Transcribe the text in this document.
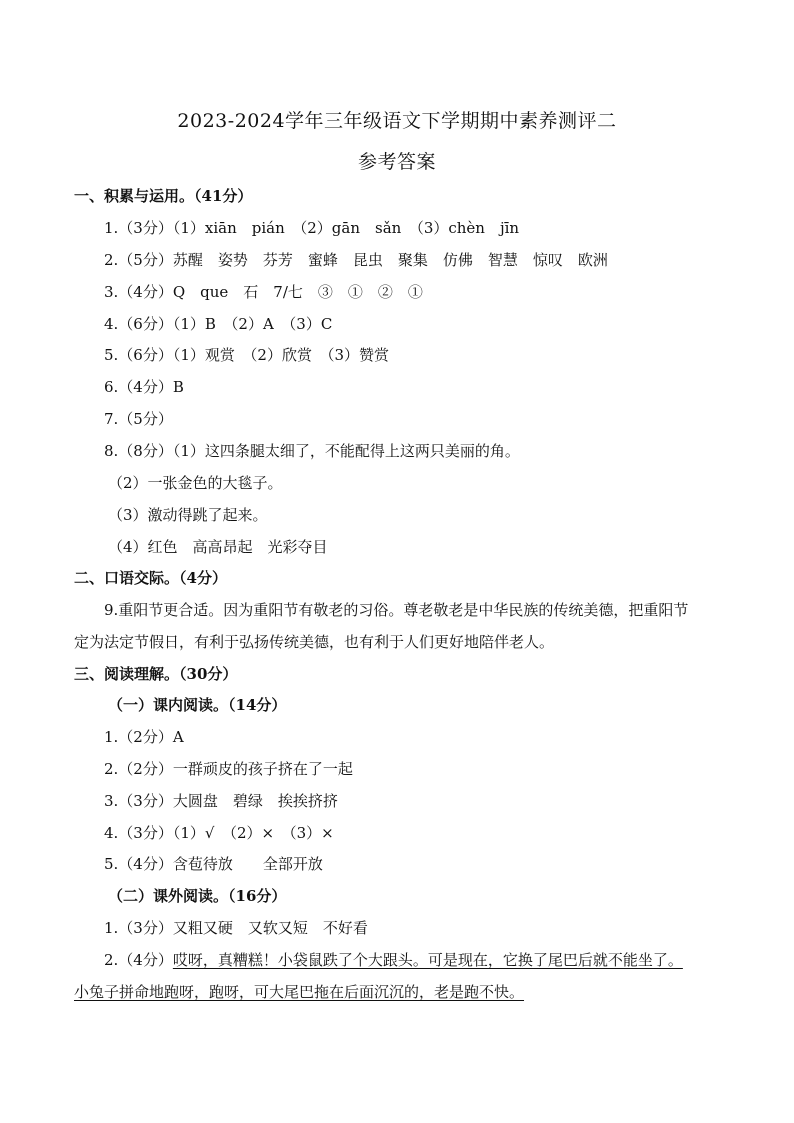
2023-2024学年三年级语文下学期期中素养测评二
参考答案
一、积累与运用。（41分）
1.（3分）（1）xiān　pián　（2）gān　sǎn　（3）chèn　jīn
2.（5分）苏醒　姿势　芬芳　蜜蜂　昆虫　聚集　仿佛　智慧　惊叹　欧洲
3.（4分）Q　que　石　7/七　③　①　②　①
4.（6分）（1）B　（2）A　（3）C
5.（6分）（1）观赏　（2）欣赏　（3）赞赏
6.（4分）B
7.（5分）
8.（8分）（1）这四条腿太细了，不能配得上这两只美丽的角。
（2）一张金色的大毯子。
（3）激动得跳了起来。
（4）红色　高高昂起　光彩夺目
二、口语交际。（4分）
9.重阳节更合适。因为重阳节有敬老的习俗。尊老敬老是中华民族的传统美德，把重阳节
定为法定节假日，有利于弘扬传统美德，也有利于人们更好地陪伴老人。
三、阅读理解。（30分）
（一）课内阅读。（14分）
1.（2分）A
2.（2分）一群顽皮的孩子挤在了一起
3.（3分）大圆盘　碧绿　挨挨挤挤
4.（3分）（1）√　（2）×　（3）×
5.（4分）含苞待放　　全部开放
（二）课外阅读。（16分）
1.（3分）又粗又硬　又软又短　不好看
2.（4分）哎呀，真糟糕！小袋鼠跌了个大跟头。可是现在，它换了尾巴后就不能坐了。
小兔子拼命地跑呀，跑呀，可大尾巴拖在后面沉沉的，老是跑不快。
